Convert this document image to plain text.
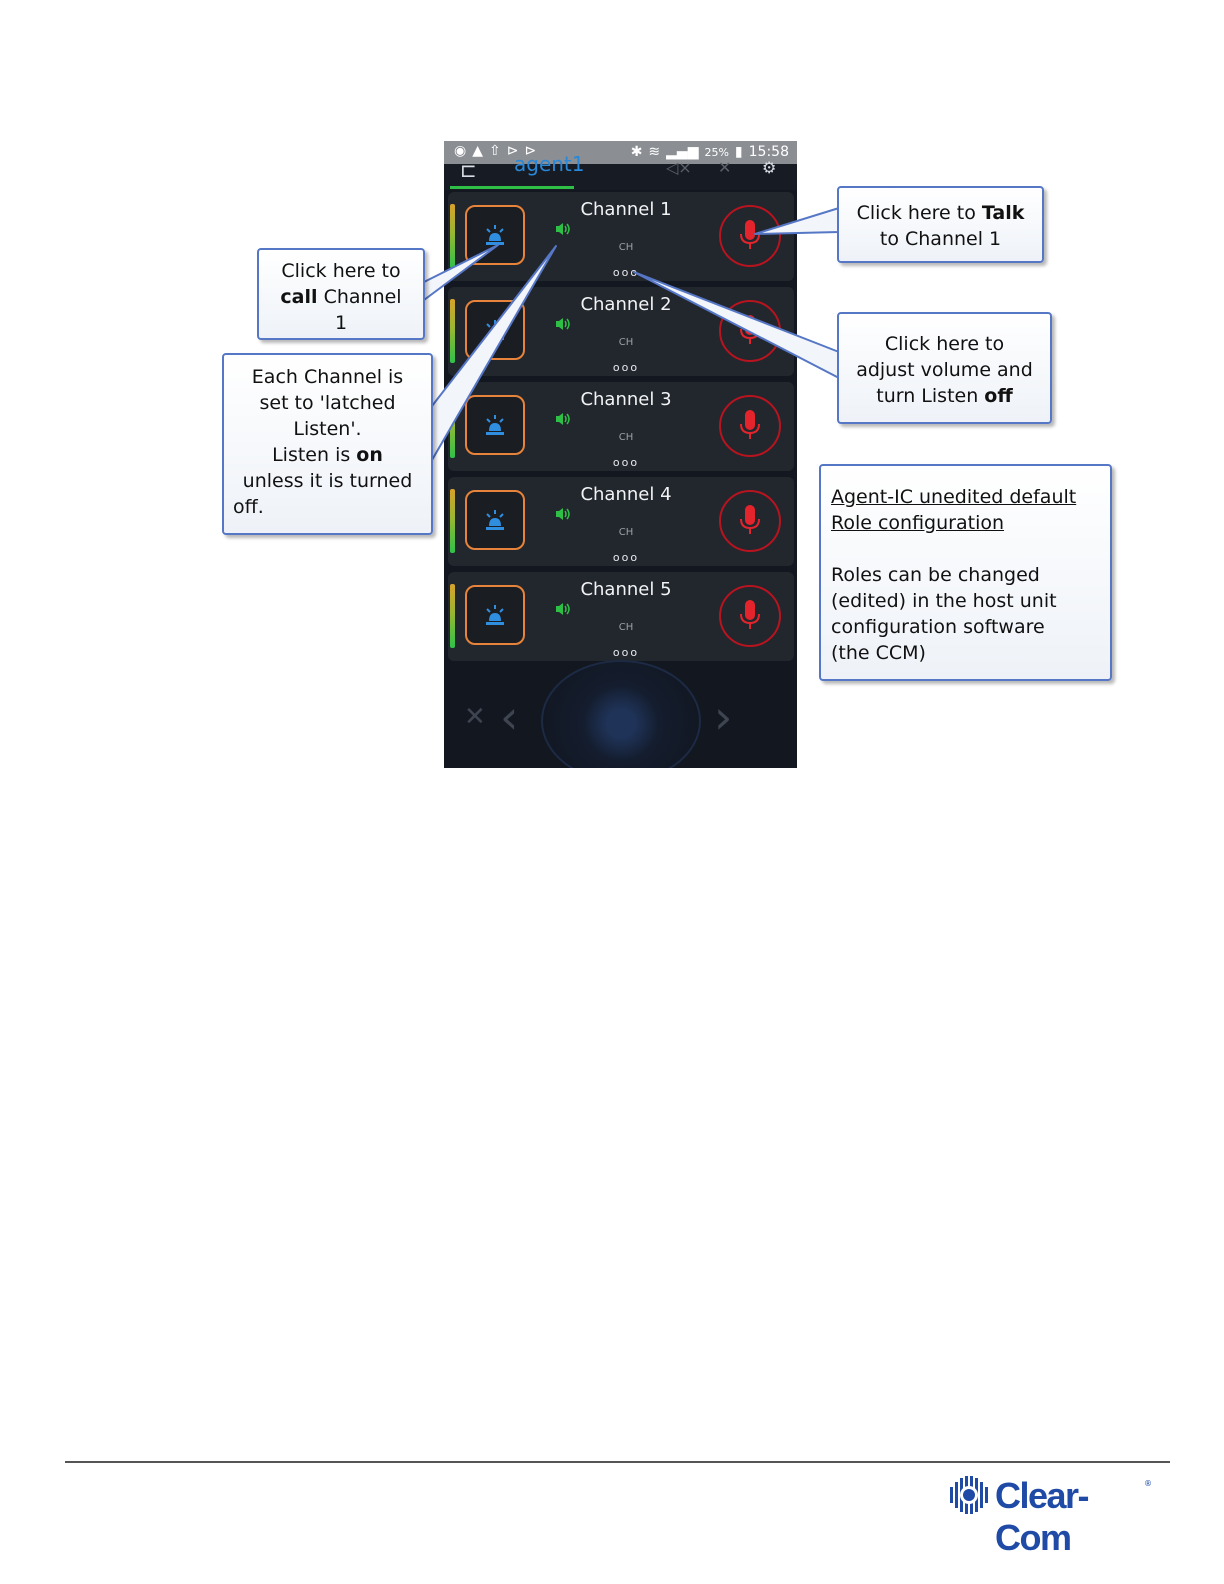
◉▲⇧⊳⊳	✱ ≋ ▂▄▆ 25% ▮ 15:58
⊏ agent1	◁× ✕ ⚙
Channel 1
CH
ooo
Channel 2
CH
ooo
Channel 3
CH
ooo
Channel 4
CH
ooo
Channel 5
CH
ooo
✕ ‹	›
Click here to
call Channel
1
Each Channel is
set to 'latched
Listen'.
Listen is on
unless it is turned
off.
Click here to Talk
to Channel 1
Click here to
adjust volume and
turn Listen off
Agent-IC unedited default
Role configuration
Roles can be changed
(edited) in the host unit
configuration software
(the CCM)
Clear-Com
®
